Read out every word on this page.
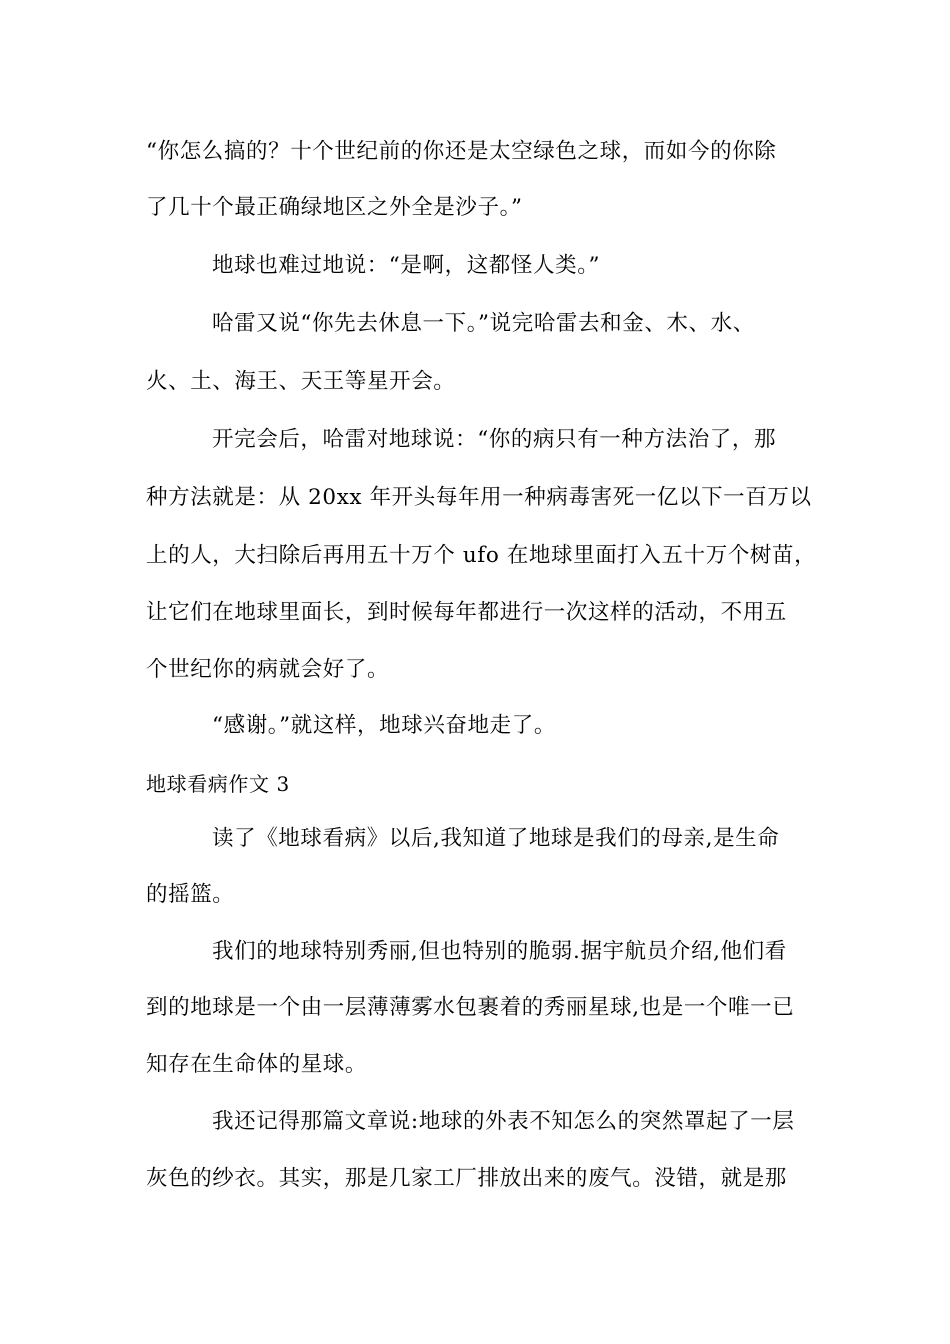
“你怎么搞的？十个世纪前的你还是太空绿色之球，而如今的你除
了几十个最正确绿地区之外全是沙子。”
地球也难过地说：“是啊，这都怪人类。”
哈雷又说“你先去休息一下。”说完哈雷去和金、木、水、
火、土、海王、天王等星开会。
开完会后，哈雷对地球说：“你的病只有一种方法治了，那
种方法就是：从 20xx 年开头每年用一种病毒害死一亿以下一百万以
上的人，大扫除后再用五十万个 ufo 在地球里面打入五十万个树苗，
让它们在地球里面长，到时候每年都进行一次这样的活动，不用五
个世纪你的病就会好了。
“感谢。”就这样，地球兴奋地走了。
地球看病作文 3
读了《地球看病》以后,我知道了地球是我们的母亲,是生命
的摇篮。
我们的地球特别秀丽,但也特别的脆弱.据宇航员介绍,他们看
到的地球是一个由一层薄薄雾水包裹着的秀丽星球,也是一个唯一已
知存在生命体的星球。
我还记得那篇文章说:地球的外表不知怎么的突然罩起了一层
灰色的纱衣。其实，那是几家工厂排放出来的废气。没错，就是那
